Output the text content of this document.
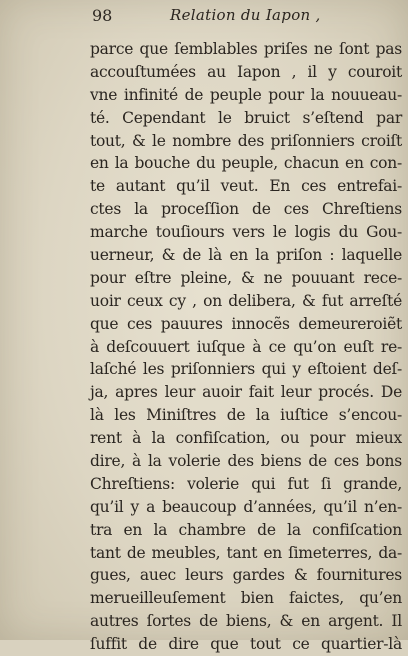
98	Relation du Iapon ,
parce que ſemblables priſes ne ſont pas
accouſtumées au Iapon , il y couroit
vne infinité de peuple pour la nouueau-
té. Cependant le bruict s’eſtend par
tout, & le nombre des priſonniers croiſt
en la bouche du peuple, chacun en con-
te autant qu’il veut. En ces entrefai-
ctes la proceſſion de ces Chreſtiens
marche touſiours vers le logis du Gou-
uerneur, & de là en la priſon : laquelle
pour eſtre pleine, & ne pouuant rece-
uoir ceux cy , on delibera, & fut arreſté
que ces pauures innocẽs demeureroiẽt
à deſcouuert iuſque à ce qu’on euſt re-
laſché les priſonniers qui y eſtoient deſ-
ja, apres leur auoir fait leur procés. De
là les Miniſtres de la iuſtice s’encou-
rent à la confiſcation, ou pour mieux
dire, à la volerie des biens de ces bons
Chreſtiens: volerie qui fut ſi grande,
qu’il y a beaucoup d’années, qu’il n’en-
tra en la chambre de la confiſcation
tant de meubles, tant en ſimeterres, da-
gues, auec leurs gardes & fournitures
merueilleuſement bien faictes, qu’en
autres ſortes de biens, & en argent. Il
ſuffit de dire que tout ce quartier-là
